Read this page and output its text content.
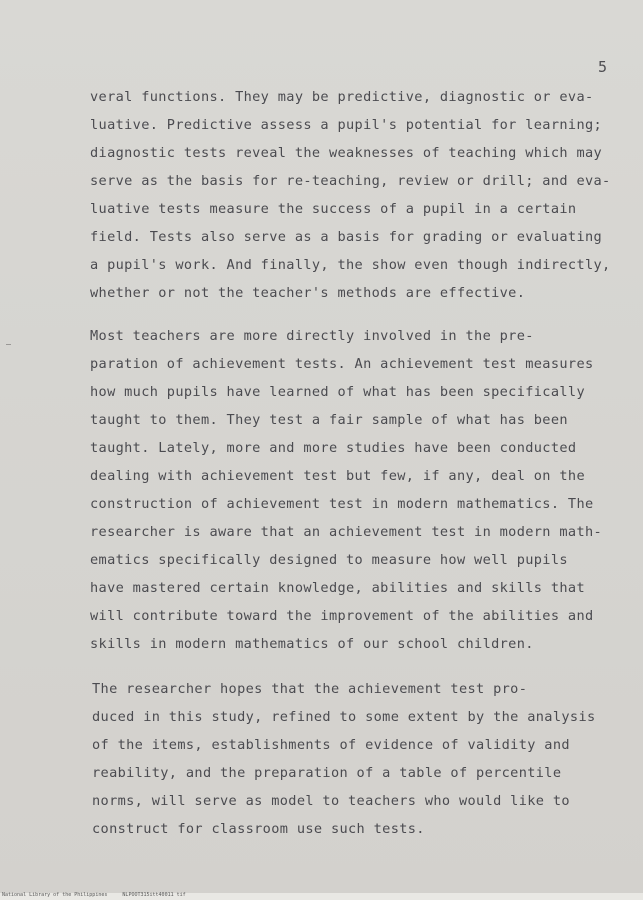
5
veral functions. They may be predictive, diagnostic or eva-
luative. Predictive assess a pupil's potential for learning;
diagnostic tests reveal the weaknesses of teaching which may
serve as the basis for re-teaching, review or drill; and eva-
luative tests measure the success of a pupil in a certain
field. Tests also serve as a basis for grading or evaluating
a pupil's work. And finally, the show even though indirectly,
whether or not the teacher's methods are effective.
Most teachers are more directly involved in the pre-
paration of achievement tests. An achievement test measures
how much pupils have learned of what has been specifically
taught to them. They test a fair sample of what has been
taught. Lately, more and more studies have been conducted
dealing with achievement test but few, if any, deal on the
construction of achievement test in modern mathematics. The
researcher is aware that an achievement test in modern math-
ematics specifically designed to measure how well pupils
have mastered certain knowledge, abilities and skills that
will contribute toward the improvement of the abilities and
skills in modern mathematics of our school children.
The researcher hopes that the achievement test pro-
duced in this study, refined to some extent by the analysis
of the items, establishments of evidence of validity and
reability, and the preparation of a table of percentile
norms, will serve as model to teachers who would like to
construct for classroom use such tests.
National Library of the Philippines	NLPOOT315itt40011 tif
